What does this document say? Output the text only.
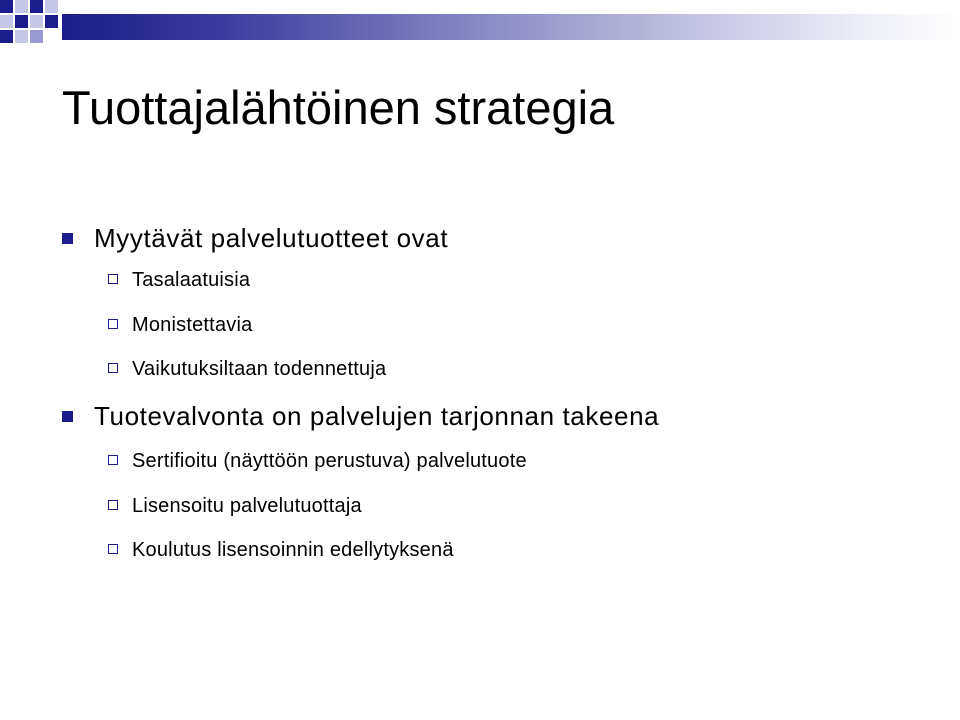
Tuottajalähtöinen strategia
Myytävät palvelutuotteet ovat
Tasalaatuisia
Monistettavia
Vaikutuksiltaan todennettuja
Tuotevalvonta on palvelujen tarjonnan takeena
Sertifioitu (näyttöön perustuva) palvelutuote
Lisensoitu palvelutuottaja
Koulutus lisensoinnin edellytyksenä
